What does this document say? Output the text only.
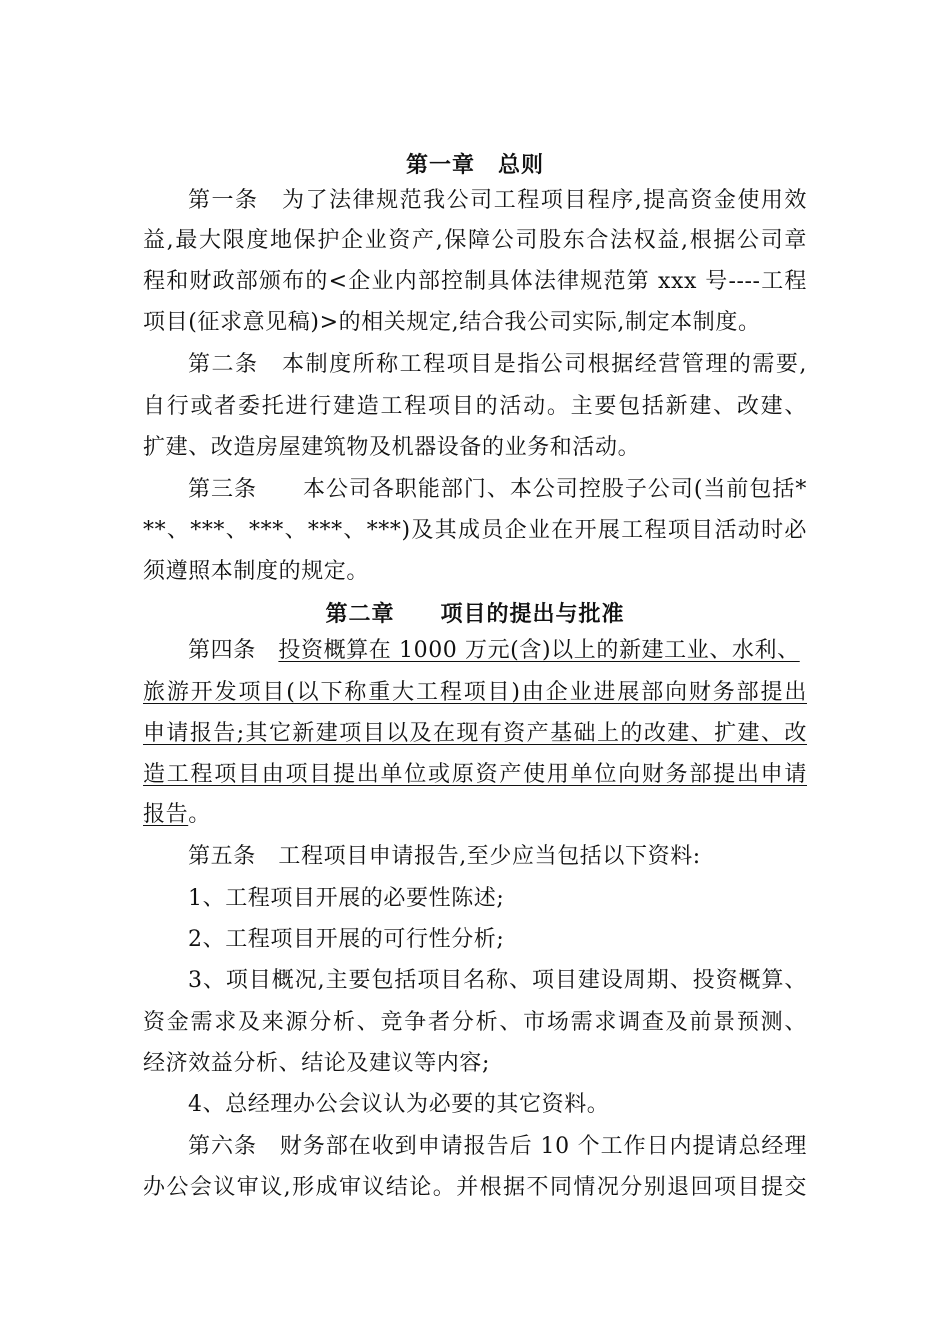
第一章　总则
第一条　为了法律规范我公司工程项目程序,提高资金使用效
益,最大限度地保护企业资产,保障公司股东合法权益,根据公司章
程和财政部颁布的<企业内部控制具体法律规范第 xxx 号----工程
项目(征求意见稿)>的相关规定,结合我公司实际,制定本制度。
第二条　本制度所称工程项目是指公司根据经营管理的需要,
自行或者委托进行建造工程项目的活动。主要包括新建、改建、
扩建、改造房屋建筑物及机器设备的业务和活动。
第三条　　本公司各职能部门、本公司控股子公司(当前包括*
**、***、***、***、***)及其成员企业在开展工程项目活动时必
须遵照本制度的规定。
第二章　　项目的提出与批准
第四条　投资概算在 1000 万元(含)以上的新建工业、水利、
旅游开发项目(以下称重大工程项目)由企业进展部向财务部提出
申请报告;其它新建项目以及在现有资产基础上的改建、扩建、改
造工程项目由项目提出单位或原资产使用单位向财务部提出申请
报告。
第五条　工程项目申请报告,至少应当包括以下资料:
1、工程项目开展的必要性陈述;
2、工程项目开展的可行性分析;
3、项目概况,主要包括项目名称、项目建设周期、投资概算、
资金需求及来源分析、竞争者分析、市场需求调查及前景预测、
经济效益分析、结论及建议等内容;
4、总经理办公会议认为必要的其它资料。
第六条　财务部在收到申请报告后 10 个工作日内提请总经理
办公会议审议,形成审议结论。并根据不同情况分别退回项目提交
